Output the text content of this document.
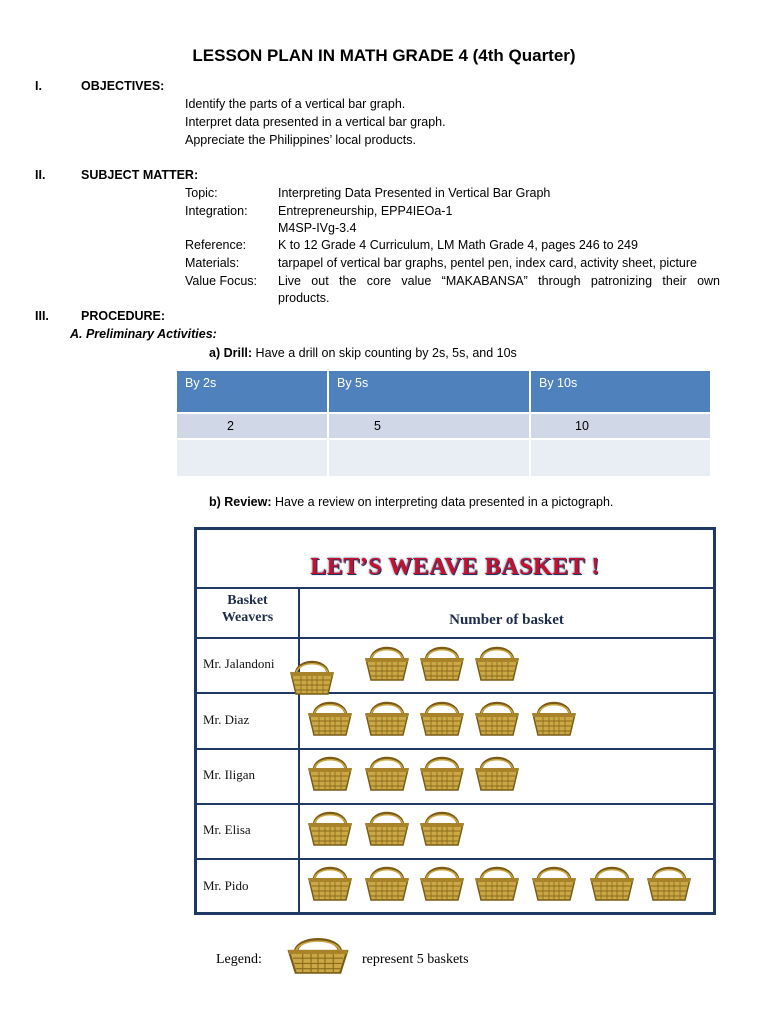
LESSON PLAN IN MATH GRADE 4 (4th Quarter)
I.	OBJECTIVES:
Identify the parts of a vertical bar graph.
Interpret data presented in a vertical bar graph.
Appreciate the Philippines’ local products.
II.	SUBJECT MATTER:
Topic:	Interpreting Data Presented in Vertical Bar Graph
Integration: Entrepreneurship, EPP4IEOa-1
M4SP-IVg-3.4
Reference:	K to 12 Grade 4 Curriculum, LM Math Grade 4, pages 246 to 249
Materials:	tarpapel of vertical bar graphs, pentel pen, index card, activity sheet, picture
Value Focus: Live out the core value “MAKABANSA” through patronizing their own
products.
III.	PROCEDURE:
A. Preliminary Activities:
a) Drill: Have a drill on skip counting by 2s, 5s, and 10s
By 2s	By 5s	By 10s
2	5	10

b) Review: Have a review on interpreting data presented in a pictograph.
LET’S WEAVE BASKET !
Basket
Weavers	Number of basket
Mr. Jalandoni
Mr. Diaz
Mr. Iligan
Mr. Elisa
Mr. Pido
Legend:	represent 5 baskets
